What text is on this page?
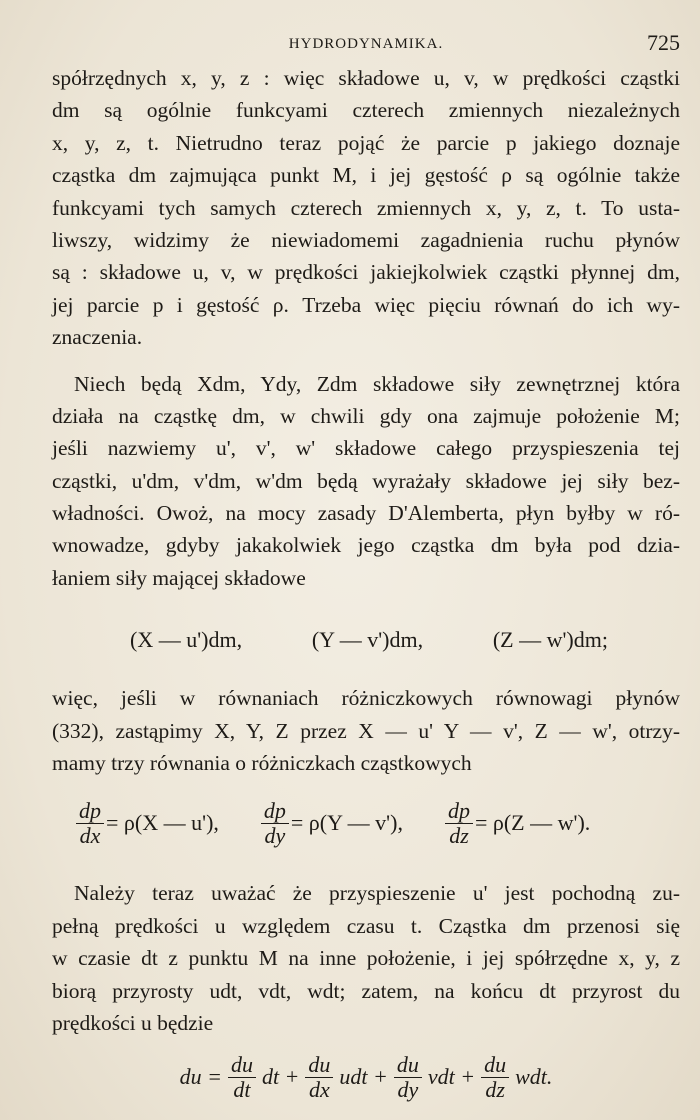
HYDRODYNAMIKA.	725
spółrzędnych x, y, z : więc składowe u, v, w prędkości cząstki
dm są ogólnie funkcyami czterech zmiennych niezależnych
x, y, z, t. Nietrudno teraz pojąć że parcie p jakiego doznaje
cząstka dm zajmująca punkt M, i jej gęstość ρ są ogólnie także
funkcyami tych samych czterech zmiennych x, y, z, t. To usta-
liwszy, widzimy że niewiadomemi zagadnienia ruchu płynów
są : składowe u, v, w prędkości jakiejkolwiek cząstki płynnej dm,
jej parcie p i gęstość ρ. Trzeba więc pięciu równań do ich wy-
znaczenia.
Niech będą Xdm, Ydy, Zdm składowe siły zewnętrznej która
działa na cząstkę dm, w chwili gdy ona zajmuje położenie M;
jeśli nazwiemy u', v', w' składowe całego przyspieszenia tej
cząstki, u'dm, v'dm, w'dm będą wyrażały składowe jej siły bez-
władności. Owoż, na mocy zasady D'Alemberta, płyn byłby w ró-
wnowadze, gdyby jakakolwiek jego cząstka dm była pod dzia-
łaniem siły mającej składowe
(X — u')dm,	(Y — v')dm,	(Z — w')dm;
więc, jeśli w równaniach różniczkowych równowagi płynów
(332), zastąpimy X, Y, Z przez X — u' Y — v', Z — w', otrzy-
mamy trzy równania o różniczkach cząstkowych
$\frac{dp}{dx} = \rho(X$ — u'), $\frac{dp}{dy} = \rho(Y$ — v'), $\frac{dp}{dz} = \rho(Z$ — w').
Należy teraz uważać że przyspieszenie u' jest pochodną zu-
pełną prędkości u względem czasu t. Cząstka dm przenosi się
w czasie dt z punktu M na inne położenie, i jej spółrzędne x, y, z
biorą przyrosty udt, vdt, wdt; zatem, na końcu dt przyrost du
prędkości u będzie
du = $\frac{du}{dt}$ dt + $\frac{du}{dx}$ udt + $\frac{du}{dy}$ vdt + $\frac{du}{dz}$ wdt.
